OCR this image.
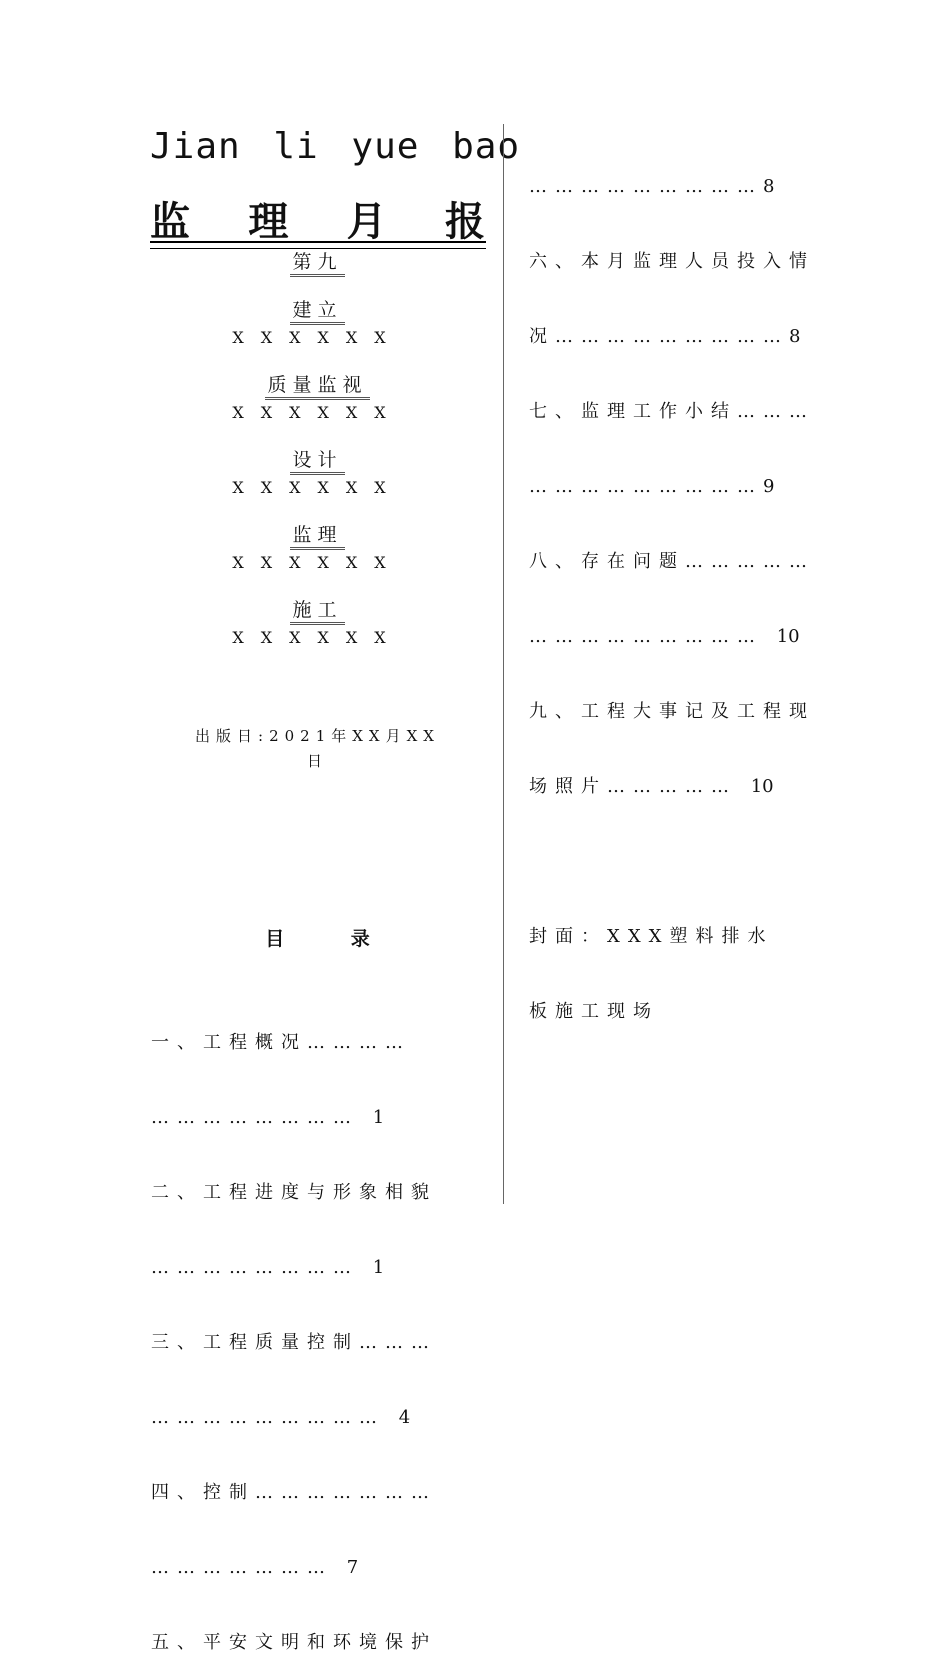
Jian li yue bao
监 理 月 报
第九
建立
XXXXXX
质量监视
XXXXXX
设计
XXXXXX
监理
XXXXXX
施工
XXXXXX
出版日:2021年XX月XX
日
目 录

一、工程概况…………

…………………… 1

二、工程进度与形象相貌

…………………… 1

三、工程质量控制………

……………………… 4

四、控制…………………

………………… 7

五、平安文明和环境保护

………………………8

六、本月监理人员投入情

况………………………8

七、监理工作小结………

………………………9

八、存在问题……………

……………………… 10

九、工程大事记及工程现

场照片…………… 10

封面：XXX塑料排水

板施工现场
